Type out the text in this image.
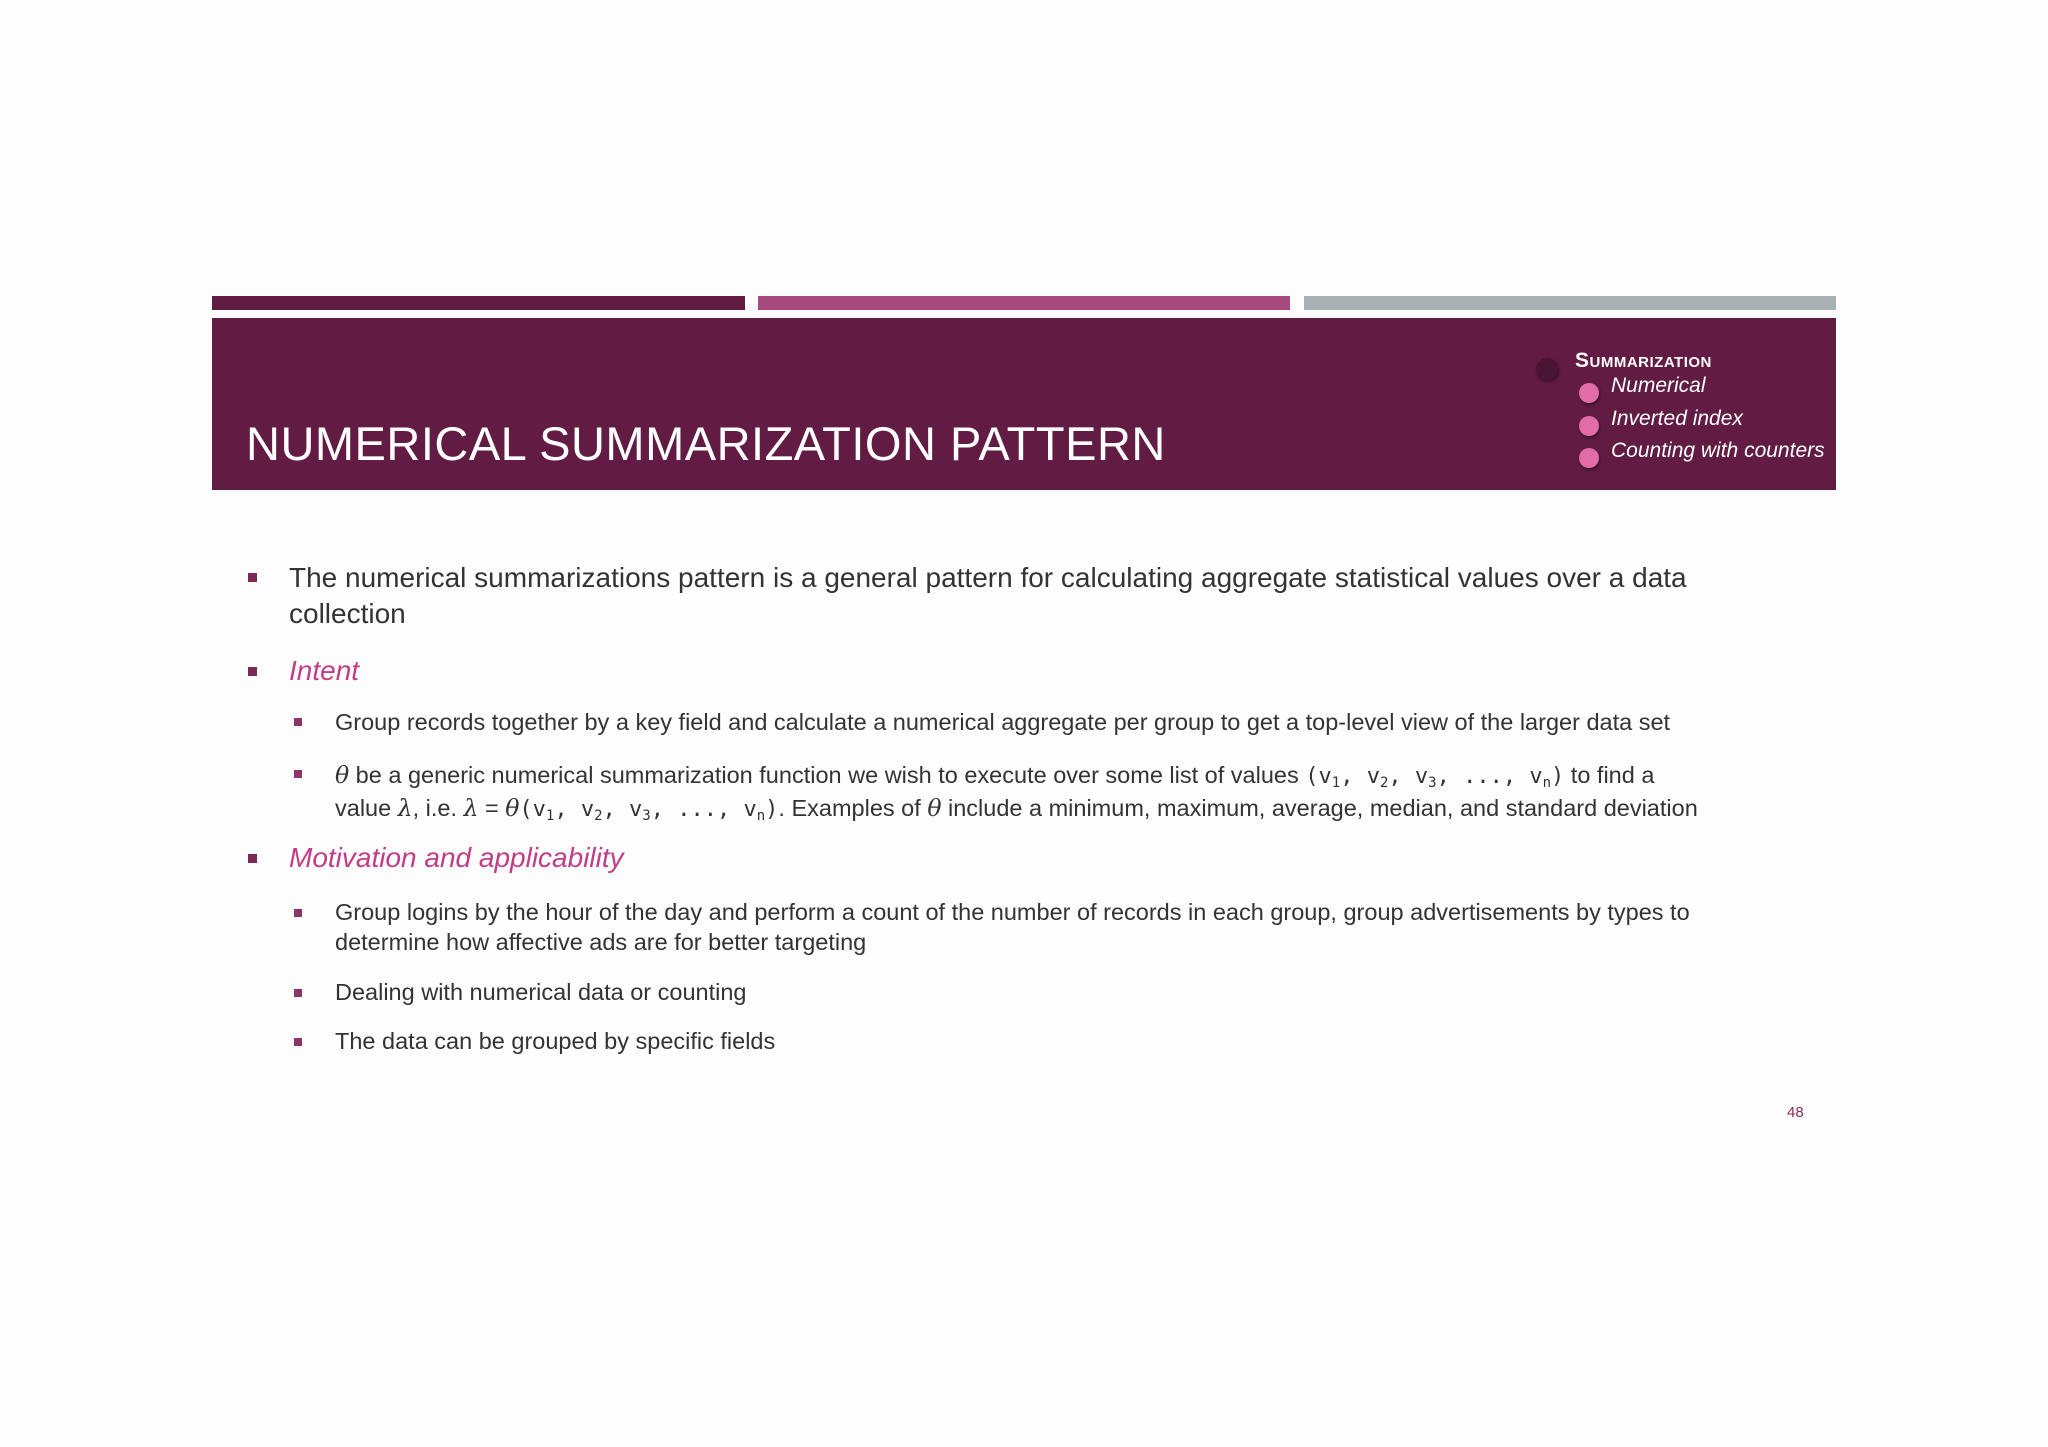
NUMERICAL SUMMARIZATION PATTERN
Summarization
Numerical
Inverted index
Counting with counters
The numerical summarizations pattern is a general pattern for calculating aggregate statistical values over a data
collection
Intent
Group records together by a key field and calculate a numerical aggregate per group to get a top-level view of the larger data set
θ be a generic numerical summarization function we wish to execute over some list of values ($v_1$, $v_2$, $v_3$, ..., $v_n$) to find a
value λ, i.e. $\lambda = \theta(v_1$, $v_2$, $v_3$, ..., $v_n$). Examples of θ include a minimum, maximum, average, median, and standard deviation
Motivation and applicability
Group logins by the hour of the day and perform a count of the number of records in each group, group advertisements by types to
determine how affective ads are for better targeting
Dealing with numerical data or counting
The data can be grouped by specific fields
48
